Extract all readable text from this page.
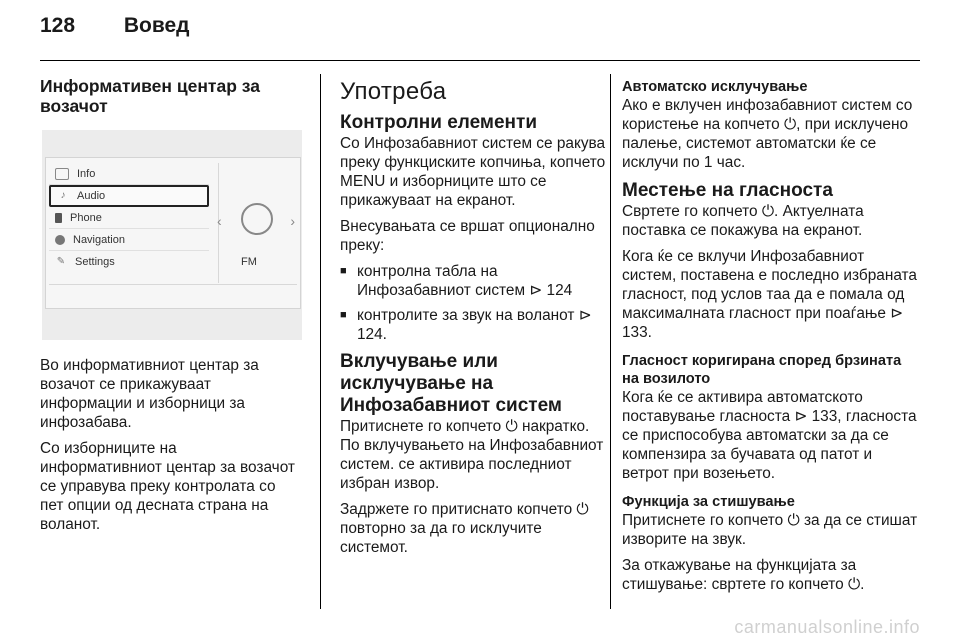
128 Вовед
Информативен центар за возачот
Info
♪	Audio
Phone
Navigation
✎ Settings
‹	›
FM

Во информативниот центар за возачот се прикажуваат информации и изборници за инфозабава.

Со изборниците на информативниот центар за возачот се управува преку контролата со пет опции од десната страна на воланот.

Употреба
Контролни елементи

Со Инфозабавниот систем се ракува преку функциските копчиња, копчето MENU и изборниците што се прикажуваат на екранот.

Внесувањата се вршат опционално преку:

■ контролна табла на Инфозабавниот систем ⊳ 124
■ контролите за звук на воланот ⊳ 124.
Вклучување или исклучување на Инфозабавниот систем

Притиснете го копчето ⏻ накратко. По вклучувањето на Инфозабавниот систем. се активира последниот избран извор.

Задржете го притиснато копчето ⏻ повторно за да го исклучите системот.

Автоматско исклучување

Ако е вклучен инфозабавниот систем со користење на копчето ⏻, при исклучено палење, системот автоматски ќе се исклучи по 1 час.

Местење на гласноста

Свртете го копчето ⏻. Актуелната поставка се покажува на екранот.

Кога ќе се вклучи Инфозабавниот систем, поставена е последно избраната гласност, под услов таа да е помала од максималната гласност при поаѓање ⊳ 133.

Гласност коригирана според брзината на возилото

Кога ќе се активира автоматското поставување гласноста ⊳ 133, гласноста се приспособува автоматски за да се компензира за бучавата од патот и ветрот при возењето.

Функција за стишување

Притиснете го копчето ⏻ за да се стишат изворите на звук.

За откажување на функцијата за стишување: свртете го копчето ⏻.

carmanualsonline.info
